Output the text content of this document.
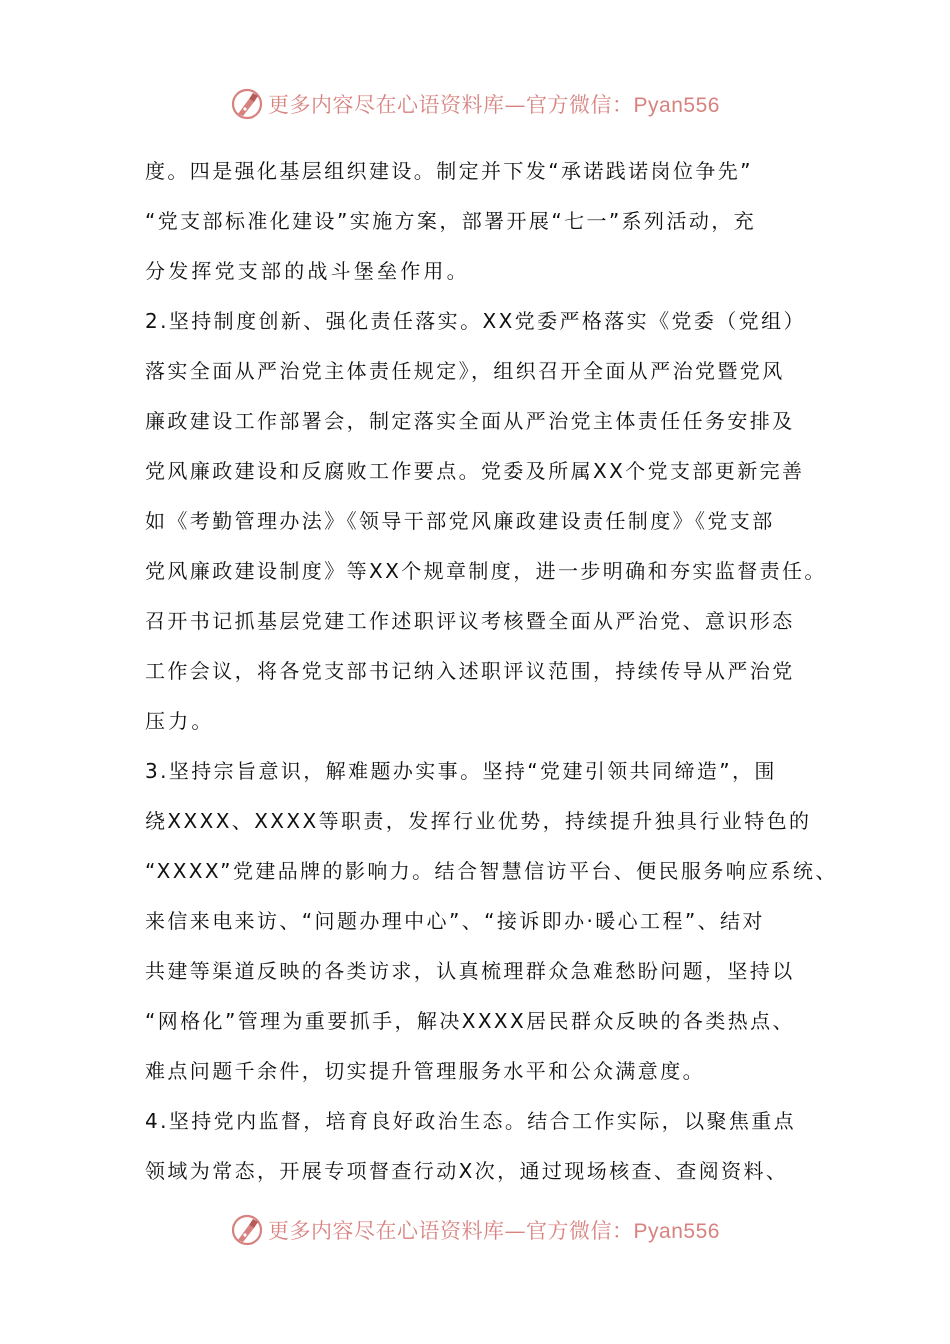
更多内容尽在心语资料库—官方微信：Pyan556
度。四是强化基层组织建设。制定并下发“承诺践诺岗位争先”
“党支部标准化建设”实施方案，部署开展“七一”系列活动，充
分发挥党支部的战斗堡垒作用。
2.坚持制度创新、强化责任落实。XX党委严格落实《党委（党组）
落实全面从严治党主体责任规定》，组织召开全面从严治党暨党风
廉政建设工作部署会，制定落实全面从严治党主体责任任务安排及
党风廉政建设和反腐败工作要点。党委及所属XX个党支部更新完善
如《考勤管理办法》《领导干部党风廉政建设责任制度》《党支部
党风廉政建设制度》等XX个规章制度，进一步明确和夯实监督责任。
召开书记抓基层党建工作述职评议考核暨全面从严治党、意识形态
工作会议，将各党支部书记纳入述职评议范围，持续传导从严治党
压力。
3.坚持宗旨意识，解难题办实事。坚持“党建引领共同缔造”，围
绕XXXX、XXXX等职责，发挥行业优势，持续提升独具行业特色的
“XXXX”党建品牌的影响力。结合智慧信访平台、便民服务响应系统、
来信来电来访、“问题办理中心”、“接诉即办·暖心工程”、结对
共建等渠道反映的各类访求，认真梳理群众急难愁盼问题，坚持以
“网格化”管理为重要抓手，解决XXXX居民群众反映的各类热点、
难点问题千余件，切实提升管理服务水平和公众满意度。
4.坚持党内监督，培育良好政治生态。结合工作实际，以聚焦重点
领域为常态，开展专项督查行动X次，通过现场核查、查阅资料、
更多内容尽在心语资料库—官方微信：Pyan556
